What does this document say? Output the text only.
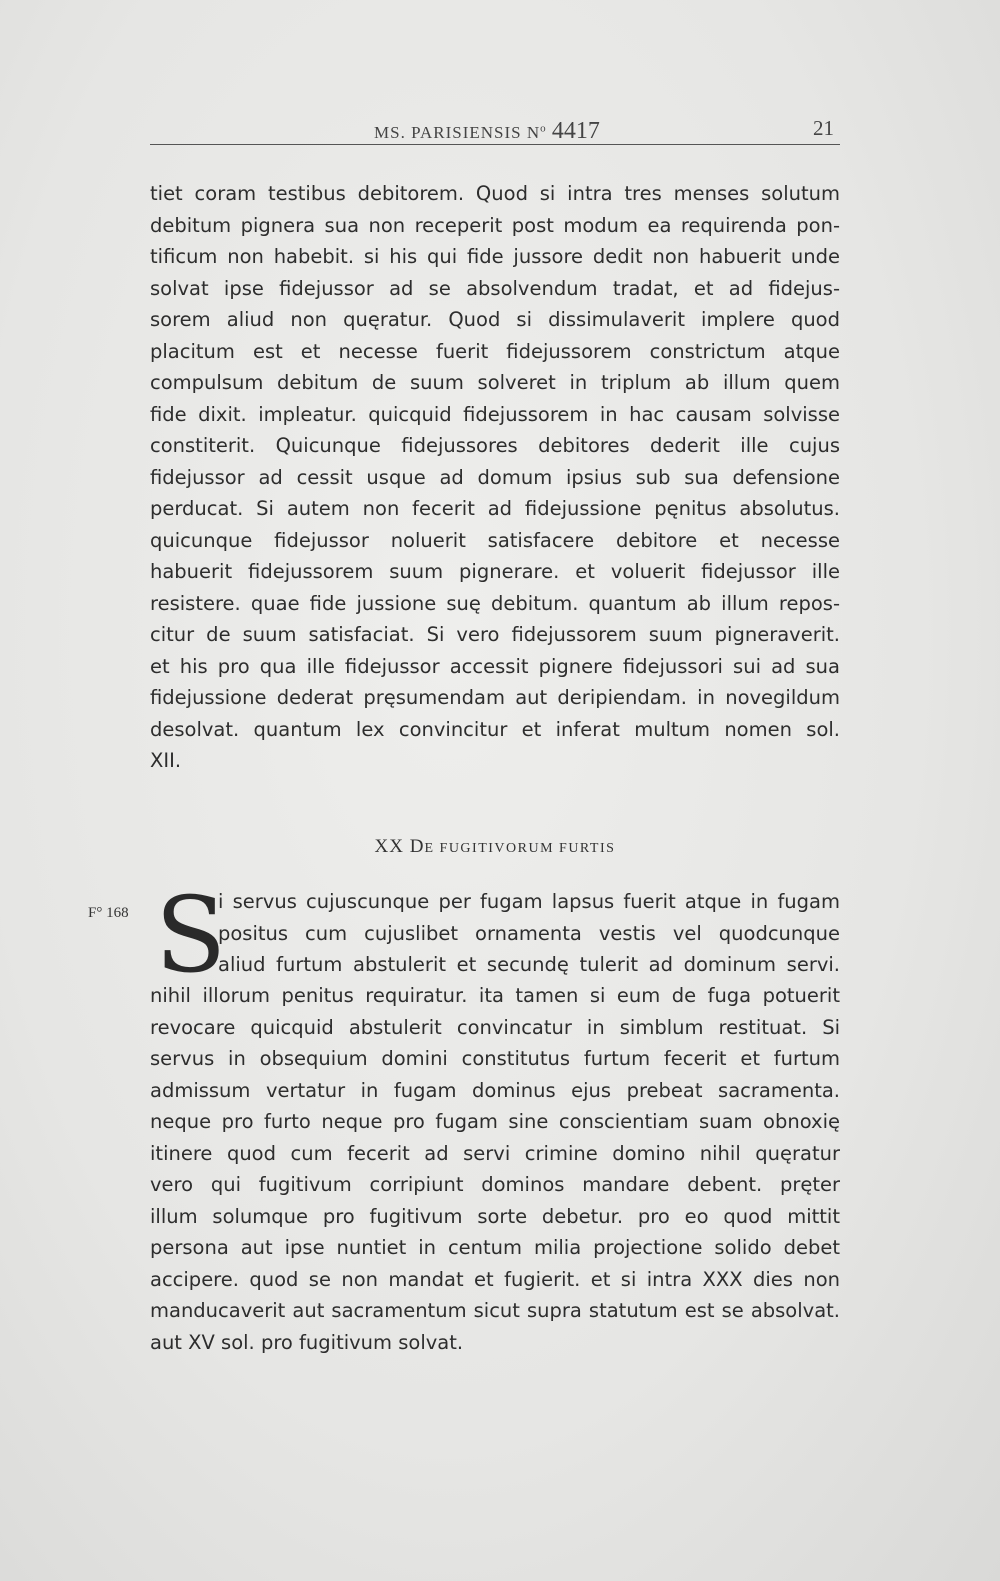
MS. PARISIENSIS $N^o$ 4417	21
tiet coram testibus debitorem. Quod si intra tres menses solutum
debitum pignera sua non receperit post modum ea requirenda pon-
tificum non habebit. si his qui fide jussore dedit non habuerit unde
solvat ipse fidejussor ad se absolvendum tradat, et ad fidejus-
sorem aliud non quęratur. Quod si dissimulaverit implere quod
placitum est et necesse fuerit fidejussorem constrictum atque
compulsum debitum de suum solveret in triplum ab illum quem
fide dixit. impleatur. quicquid fidejussorem in hac causam solvisse
constiterit. Quicunque fidejussores debitores dederit ille cujus
fidejussor ad cessit usque ad domum ipsius sub sua defensione
perducat. Si autem non fecerit ad fidejussione pęnitus absolutus.
quicunque fidejussor noluerit satisfacere debitore et necesse
habuerit fidejussorem suum pignerare. et voluerit fidejussor ille
resistere. quae fide jussione suę debitum. quantum ab illum repos-
citur de suum satisfaciat. Si vero fidejussorem suum pigneraverit.
et his pro qua ille fidejussor accessit pignere fidejussori sui ad sua
fidejussione dederat pręsumendam aut deripiendam. in novegildum
desolvat. quantum lex convincitur et inferat multum nomen sol.
XII.
XX DE FUGITIVORUM FURTIS
F° 168 S
i servus cujuscunque per fugam lapsus fuerit atque in fugam
positus cum cujuslibet ornamenta vestis vel quodcunque
aliud furtum abstulerit et secundę tulerit ad dominum servi.
nihil illorum penitus requiratur. ita tamen si eum de fuga potuerit
revocare quicquid abstulerit convincatur in simblum restituat. Si
servus in obsequium domini constitutus furtum fecerit et furtum
admissum vertatur in fugam dominus ejus prebeat sacramenta.
neque pro furto neque pro fugam sine conscientiam suam obnoxię
itinere quod cum fecerit ad servi crimine domino nihil quęratur
vero qui fugitivum corripiunt dominos mandare debent. pręter
illum solumque pro fugitivum sorte debetur. pro eo quod mittit
persona aut ipse nuntiet in centum milia projectione solido debet
accipere. quod se non mandat et fugierit. et si intra XXX dies non
manducaverit aut sacramentum sicut supra statutum est se absolvat.
aut XV sol. pro fugitivum solvat.
